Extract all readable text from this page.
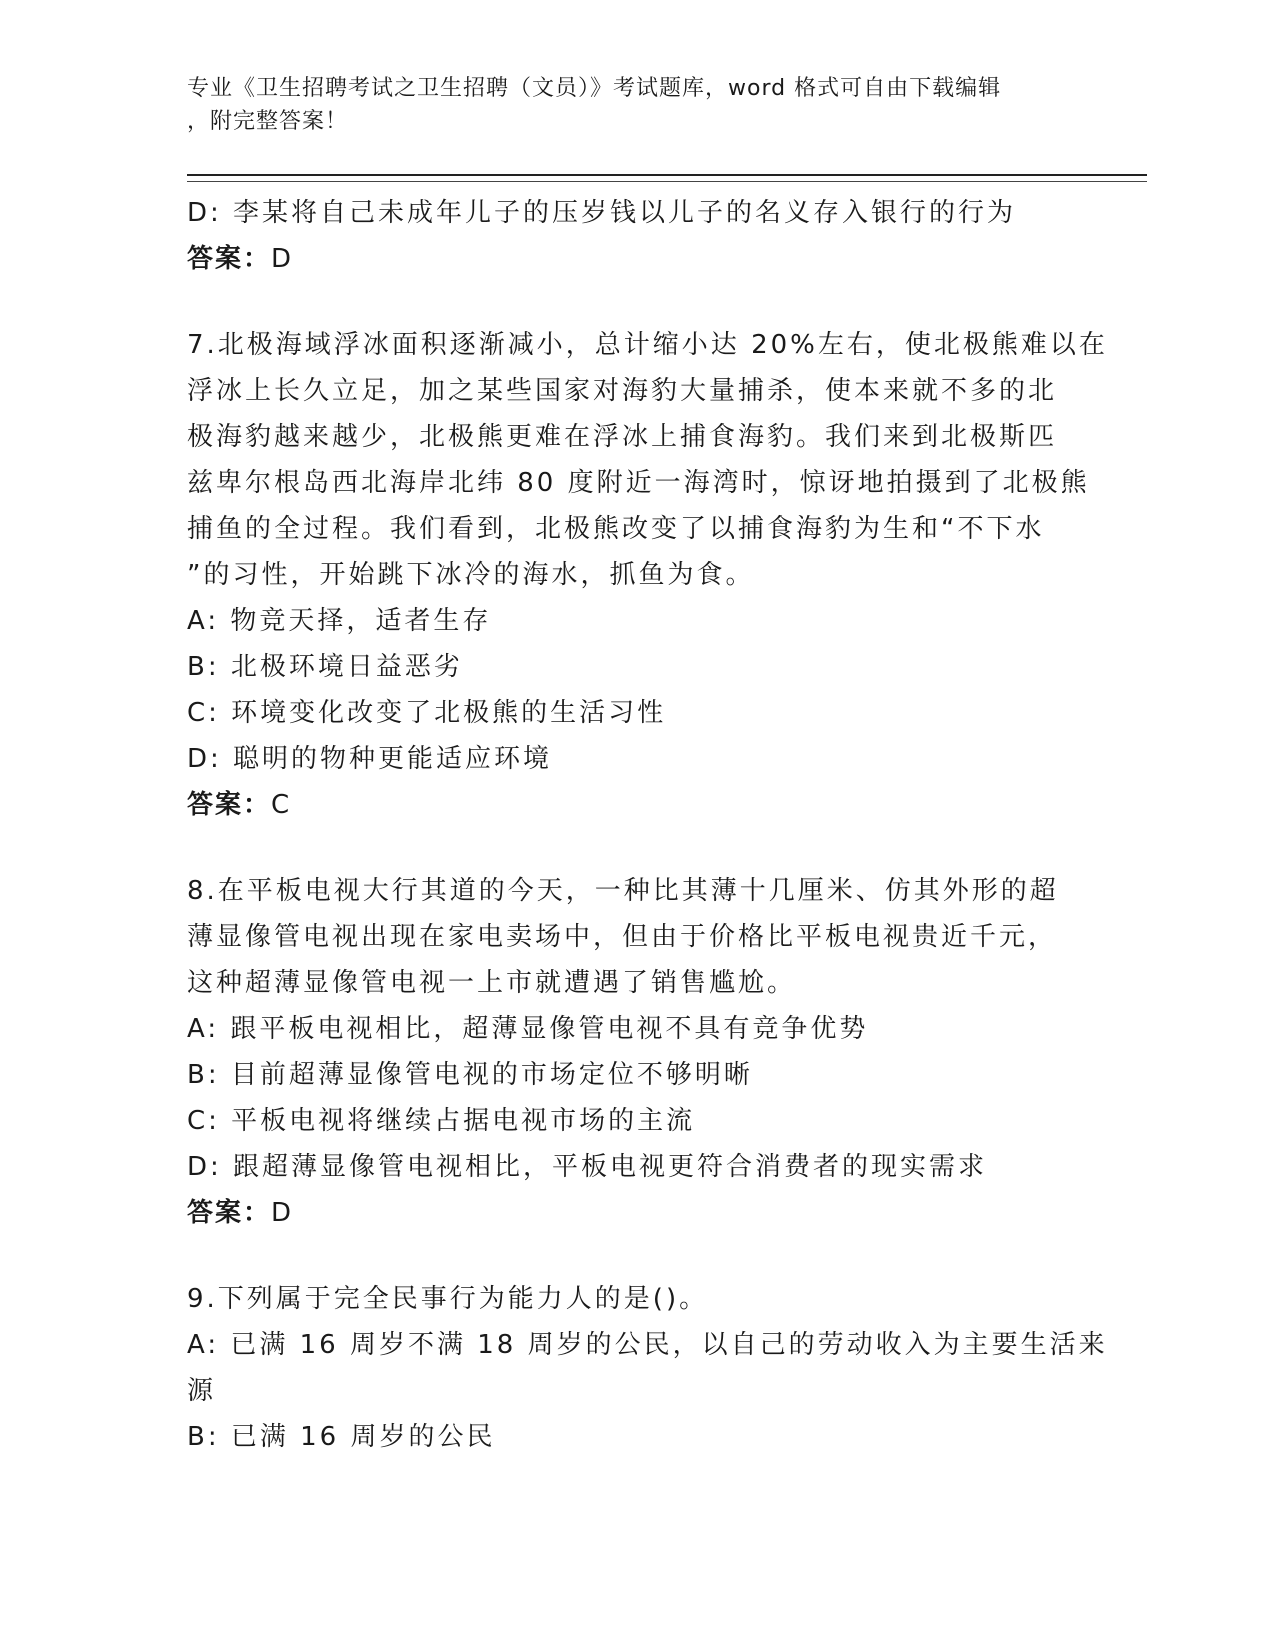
专业《卫生招聘考试之卫生招聘（文员）》考试题库，word 格式可自由下载编辑
，附完整答案！
D: 李某将自己未成年儿子的压岁钱以儿子的名义存入银行的行为
答案：D
7.北极海域浮冰面积逐渐减小，总计缩小达 20%左右，使北极熊难以在
浮冰上长久立足，加之某些国家对海豹大量捕杀，使本来就不多的北
极海豹越来越少，北极熊更难在浮冰上捕食海豹。我们来到北极斯匹
兹卑尔根岛西北海岸北纬 80 度附近一海湾时，惊讶地拍摄到了北极熊
捕鱼的全过程。我们看到，北极熊改变了以捕食海豹为生和“不下水
”的习性，开始跳下冰冷的海水，抓鱼为食。
A: 物竞天择，适者生存
B: 北极环境日益恶劣
C: 环境变化改变了北极熊的生活习性
D: 聪明的物种更能适应环境
答案：C
8.在平板电视大行其道的今天，一种比其薄十几厘米、仿其外形的超
薄显像管电视出现在家电卖场中，但由于价格比平板电视贵近千元，
这种超薄显像管电视一上市就遭遇了销售尴尬。
A: 跟平板电视相比，超薄显像管电视不具有竞争优势
B: 目前超薄显像管电视的市场定位不够明晰
C: 平板电视将继续占据电视市场的主流
D: 跟超薄显像管电视相比，平板电视更符合消费者的现实需求
答案：D
9.下列属于完全民事行为能力人的是()。
A: 已满 16 周岁不满 18 周岁的公民，以自己的劳动收入为主要生活来
源
B: 已满 16 周岁的公民
